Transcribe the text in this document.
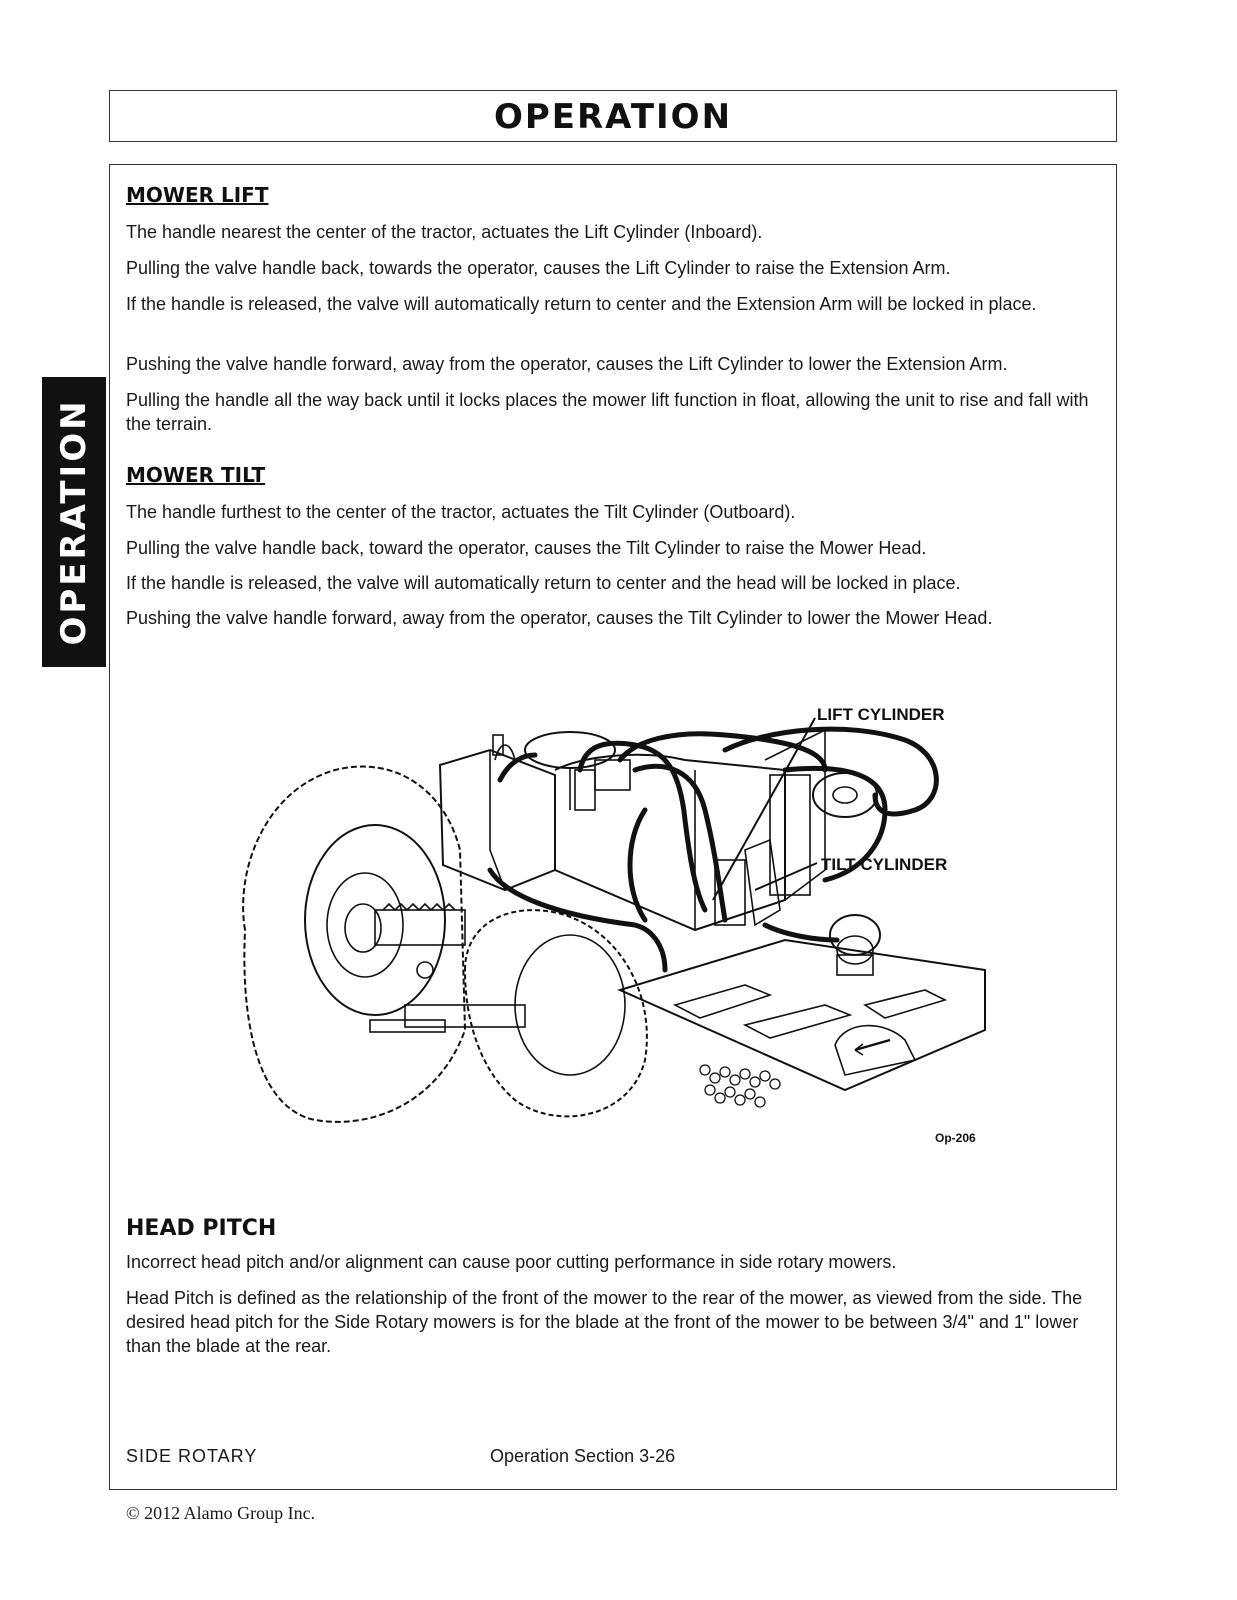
OPERATION
OPERATION
MOWER LIFT

The handle nearest the center of the tractor, actuates the Lift Cylinder (Inboard).

Pulling the valve handle back, towards the operator, causes the Lift Cylinder to raise the Extension Arm.

If the handle is released, the valve will automatically return to center and the Extension Arm will be locked in place.

Pushing the valve handle forward, away from the operator, causes the Lift Cylinder to lower the Extension Arm.

Pulling the handle all the way back until it locks places the mower lift function in float, allowing the unit to rise and fall with the terrain.

MOWER TILT

The handle furthest to the center of the tractor, actuates the Tilt Cylinder (Outboard).

Pulling the valve handle back, toward the operator, causes the Tilt Cylinder to raise the Mower Head.

If the handle is released, the valve will automatically return to center and the head will be locked in place.

Pushing the valve handle forward, away from the operator, causes the Tilt Cylinder to lower the Mower Head.

LIFT CYLINDER
TILT CYLINDER
Op-206
HEAD PITCH

Incorrect head pitch and/or alignment can cause poor cutting performance in side rotary mowers.

Head Pitch is defined as the relationship of the front of the mower to the rear of the mower, as viewed from the side. The desired head pitch for the Side Rotary mowers is for the blade at the front of the mower to be between 3/4" and 1" lower than the blade at the rear.

SIDE ROTARY	Operation Section 3-26
© 2012 Alamo Group Inc.
